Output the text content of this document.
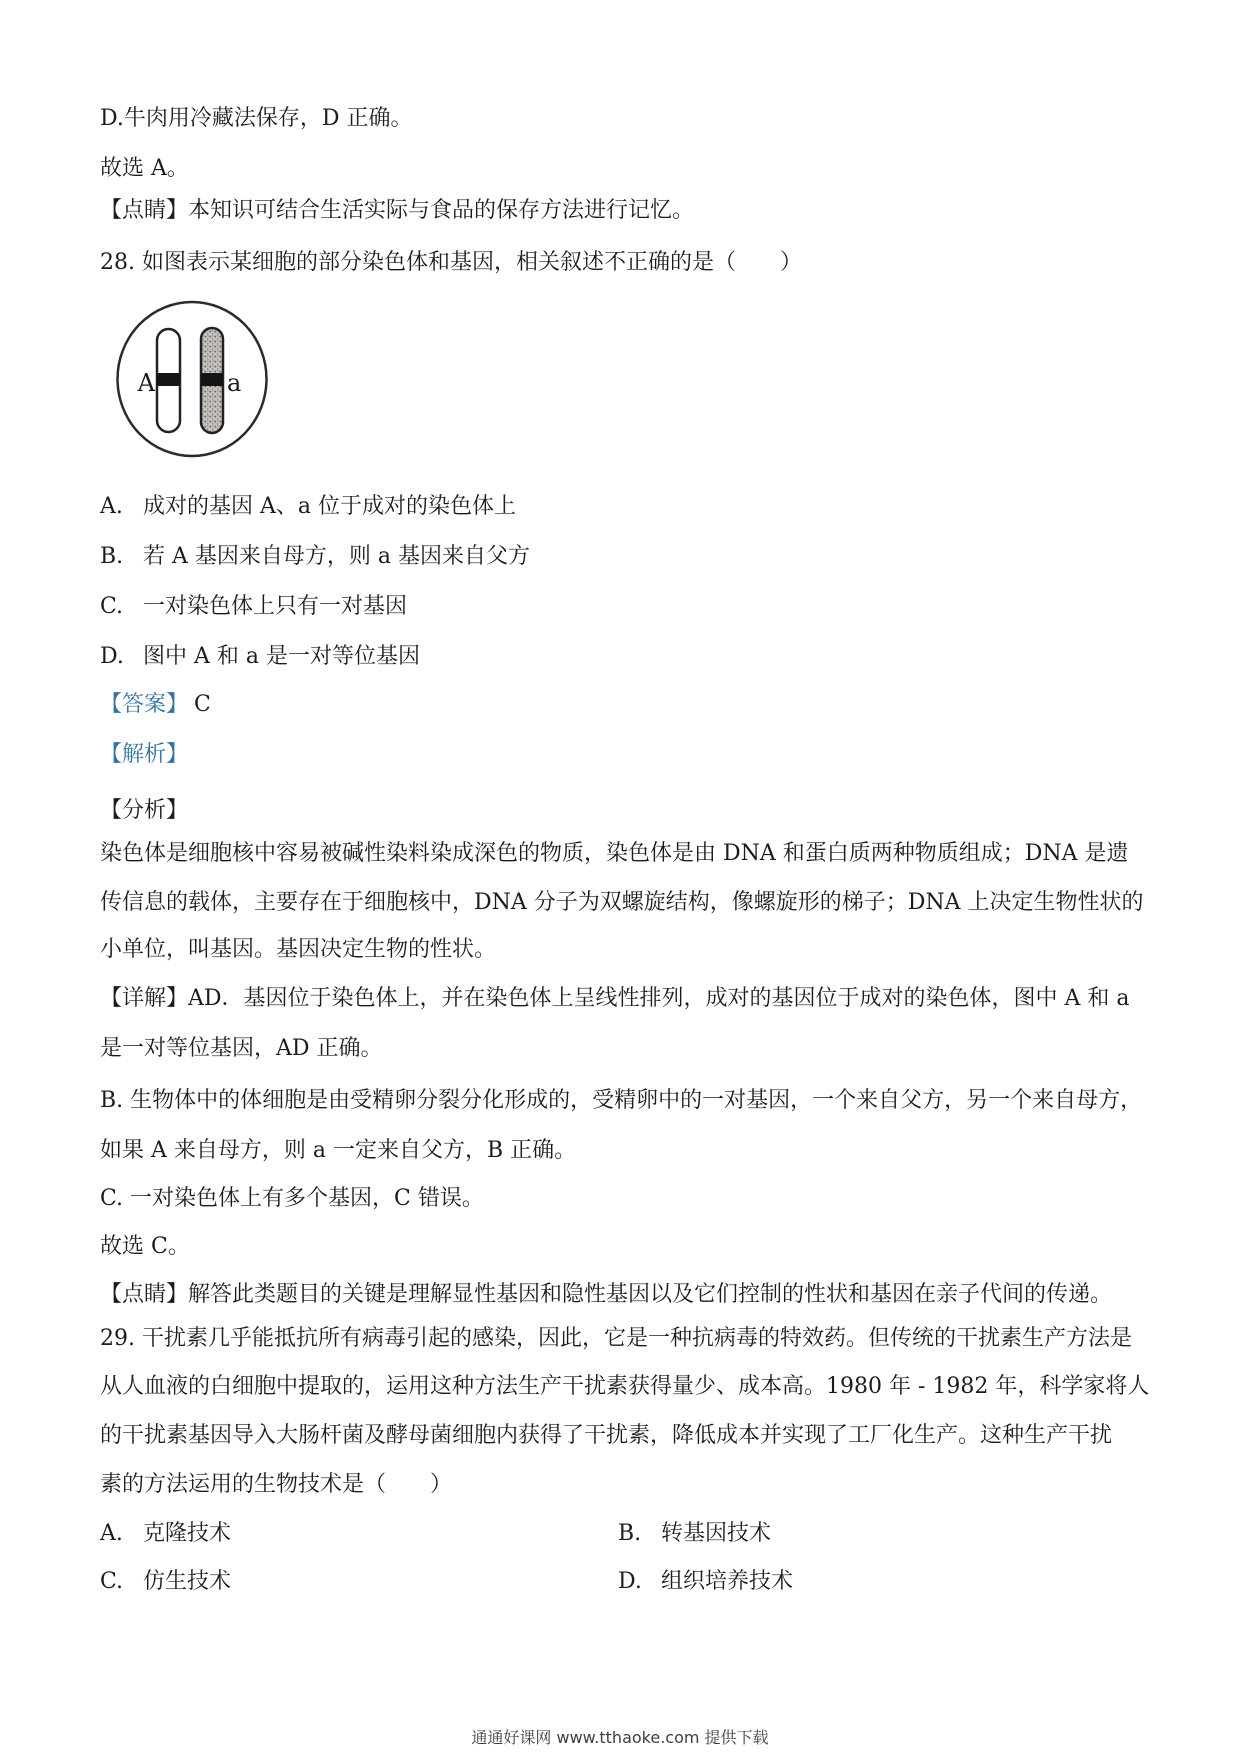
D.牛肉用冷藏法保存，D 正确。
故选 A。
【点睛】本知识可结合生活实际与食品的保存方法进行记忆。
28. 如图表示某细胞的部分染色体和基因，相关叙述不正确的是（　　）
A	a
A. 成对的基因 A、a 位于成对的染色体上
B. 若 A 基因来自母方，则 a 基因来自父方
C. 一对染色体上只有一对基因
D. 图中 A 和 a 是一对等位基因
【答案】 C
【解析】
【分析】
染色体是细胞核中容易被碱性染料染成深色的物质，染色体是由 DNA 和蛋白质两种物质组成；DNA 是遗
传信息的载体，主要存在于细胞核中，DNA 分子为双螺旋结构，像螺旋形的梯子；DNA 上决定生物性状的
小单位，叫基因。基因决定生物的性状。
【详解】AD．基因位于染色体上，并在染色体上呈线性排列，成对的基因位于成对的染色体，图中 A 和 a
是一对等位基因，AD 正确。
B. 生物体中的体细胞是由受精卵分裂分化形成的，受精卵中的一对基因，一个来自父方，另一个来自母方，
如果 A 来自母方，则 a 一定来自父方，B 正确。
C. 一对染色体上有多个基因，C 错误。
故选 C。
【点睛】解答此类题目的关键是理解显性基因和隐性基因以及它们控制的性状和基因在亲子代间的传递。
29. 干扰素几乎能抵抗所有病毒引起的感染，因此，它是一种抗病毒的特效药。但传统的干扰素生产方法是
从人血液的白细胞中提取的，运用这种方法生产干扰素获得量少、成本高。1980 年 - 1982 年，科学家将人
的干扰素基因导入大肠杆菌及酵母菌细胞内获得了干扰素，降低成本并实现了工厂化生产。这种生产干扰
素的方法运用的生物技术是（　　）
A. 克隆技术	B. 转基因技术
C. 仿生技术	D. 组织培养技术
通通好课网 www.tthaoke.com 提供下载
